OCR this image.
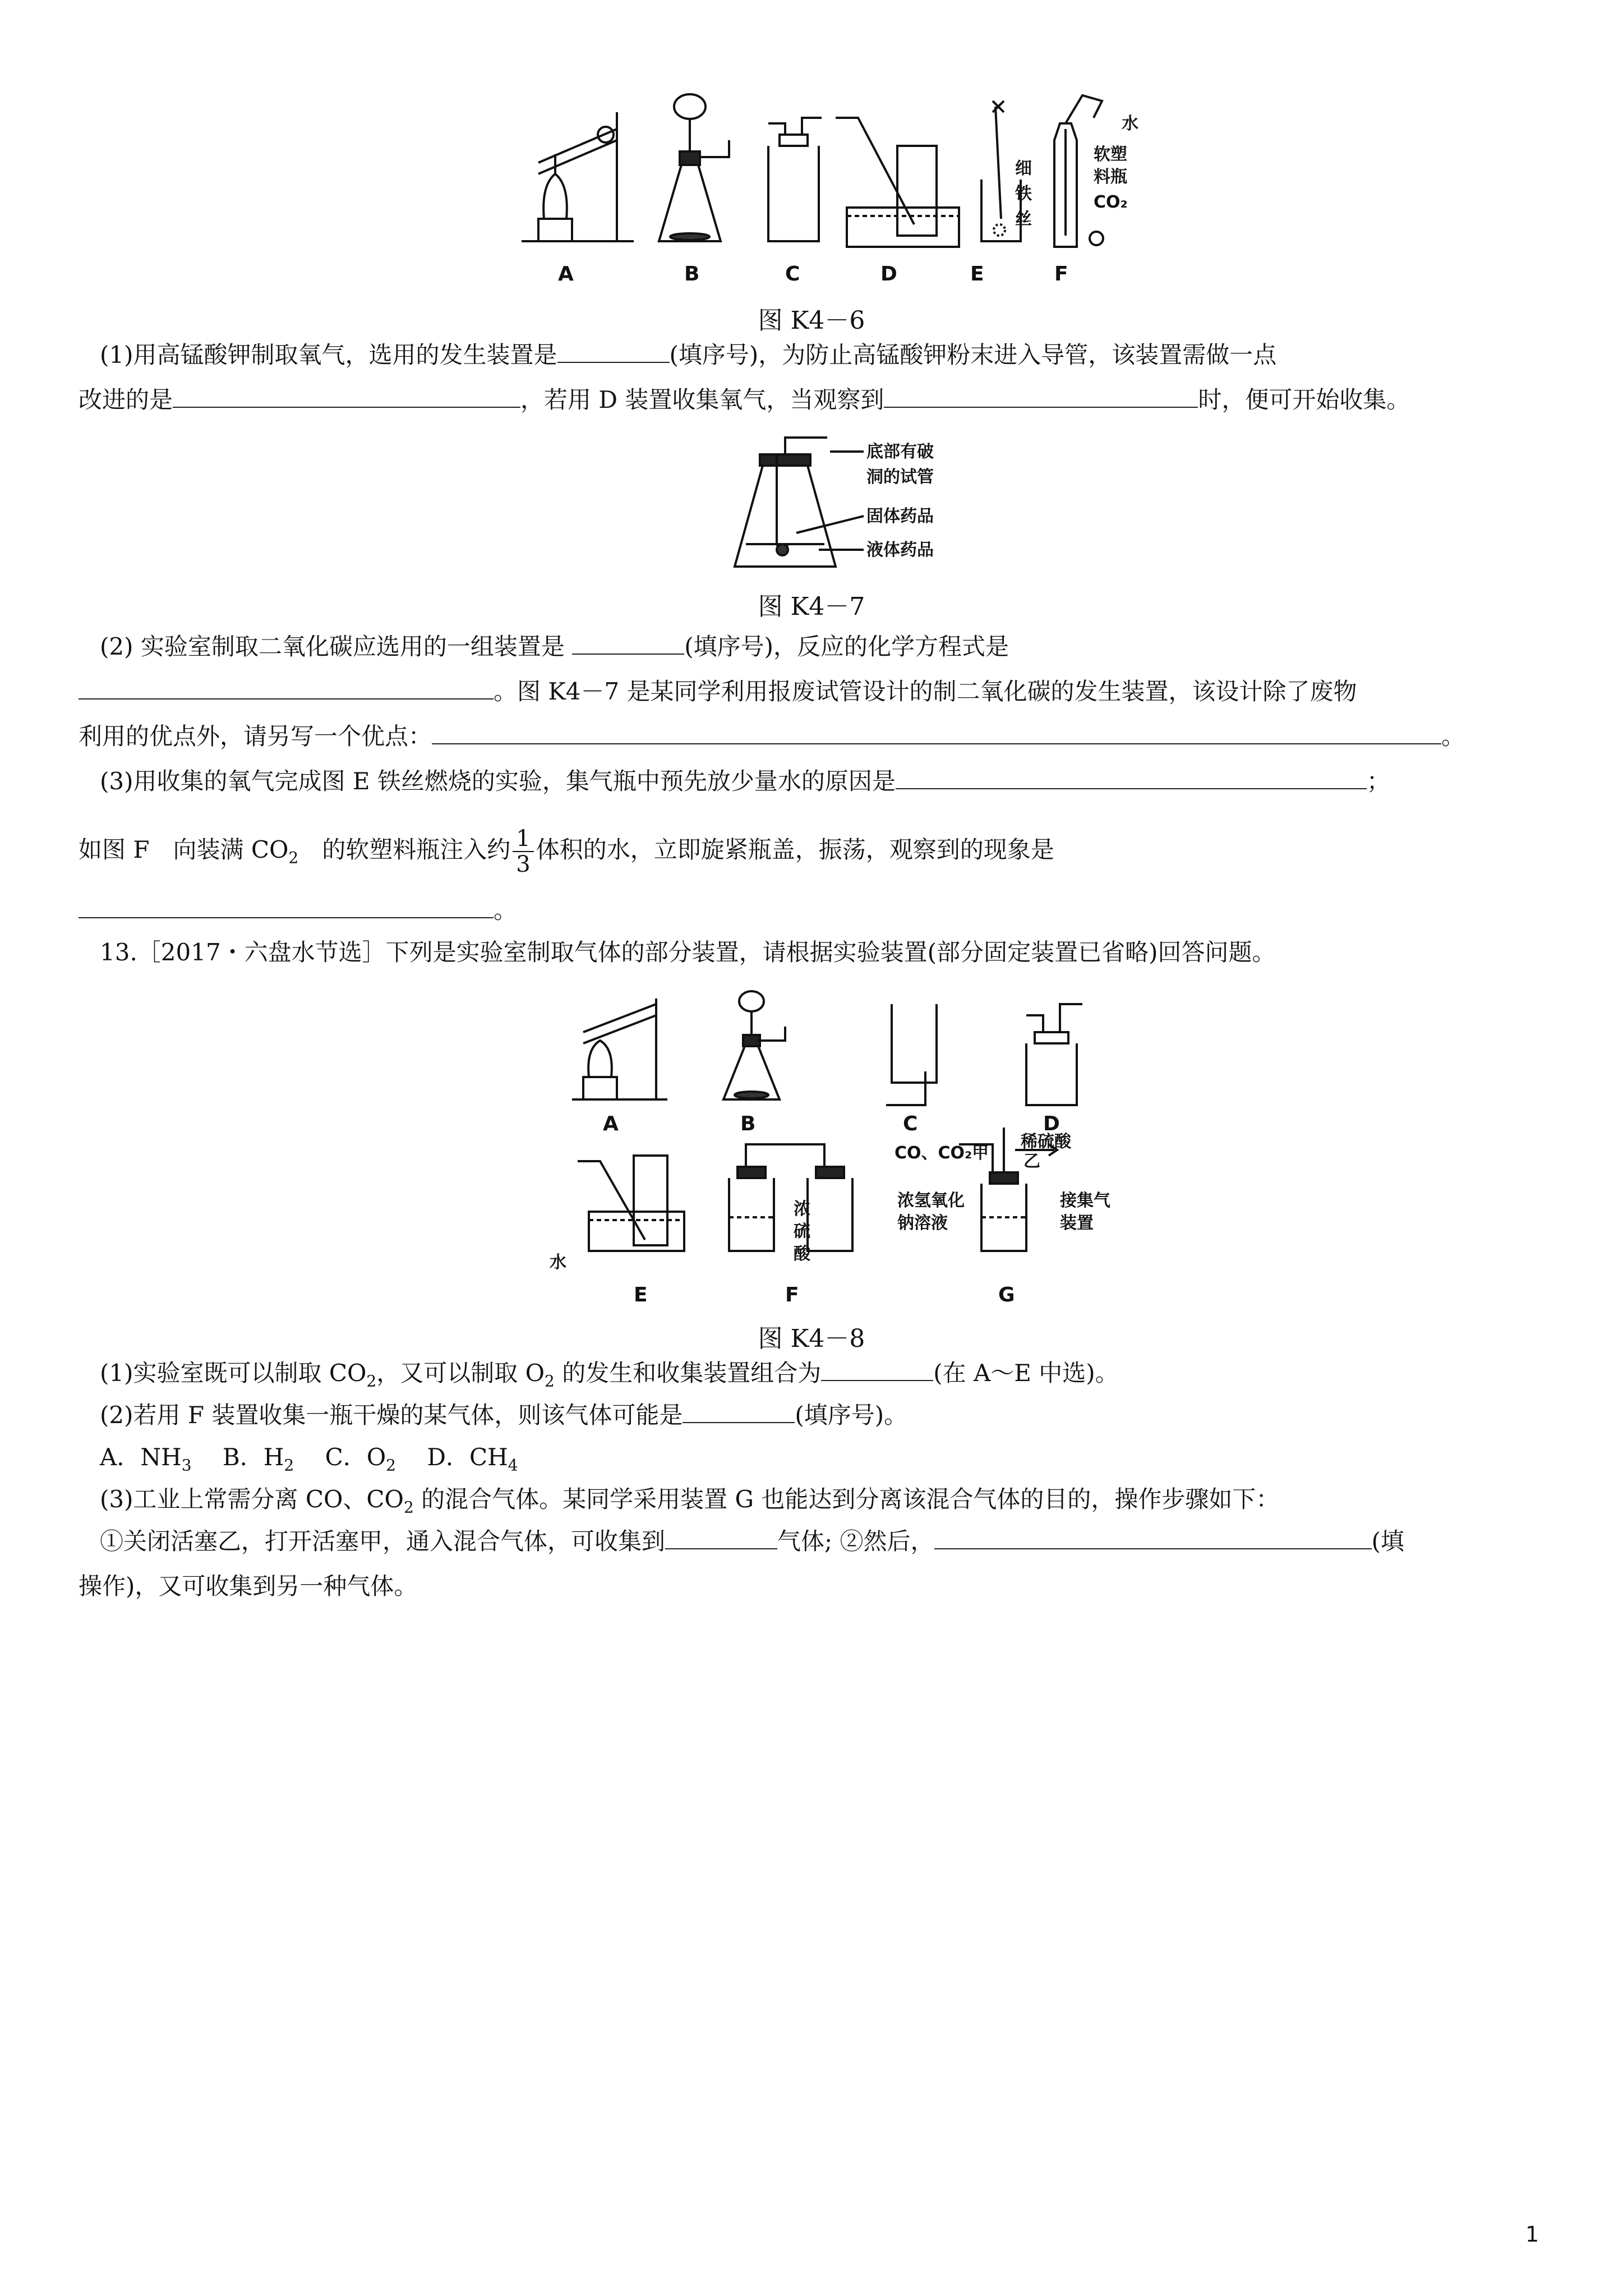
A	B	C	D	E	F
细
铁
丝
水
软塑
料瓶
CO₂
图 K4－6
(1)用高锰酸钾制取氧气，选用的发生装置是	(填序号)，为防止高锰酸钾粉末进入导管，该装置需做一点
改进的是	，若用 D 装置收集氧气，当观察到	时，便可开始收集。
底部有破
洞的试管
固体药品
液体药品
图 K4－7
(2) 实验室制取二氧化碳应选用的一组装置是	(填序号)，反应的化学方程式是
。图 K4－7 是某同学利用报废试管设计的制二氧化碳的发生装置，该设计除了废物
利用的优点外，请另写一个优点：	。
(3)用收集的氧气完成图 E 铁丝燃烧的实验，集气瓶中预先放少量水的原因是	；
如图 F　向装满 $CO_2$　的软塑料瓶注入约 $\frac{1}{3}$ 体积的水，立即旋紧瓶盖，振荡，观察到的现象是
。
13.［2017・六盘水节选］下列是实验室制取气体的部分装置，请根据实验装置(部分固定装置已省略)回答问题。
A	B	C	D
E	F	G
水
浓
硫
酸
CO、CO₂甲
稀硫酸
乙
浓氢氧化
钠溶液
接集气
装置
图 K4－8
(1)实验室既可以制取 $CO_2$，又可以制取 $O_2$ 的发生和收集装置组合为	(在 A～E 中选)。
(2)若用 F 装置收集一瓶干燥的某气体，则该气体可能是	(填序号)。
A．$NH_3$　 B．$H_2$　 C．$O_2$　 D．$CH_4$
(3)工业上常需分离 CO、$CO_2$ 的混合气体。某同学采用装置 G 也能达到分离该混合气体的目的，操作步骤如下：
①关闭活塞乙，打开活塞甲，通入混合气体，可收集到	气体; ②然后，	(填
操作)，又可收集到另一种气体。
1
